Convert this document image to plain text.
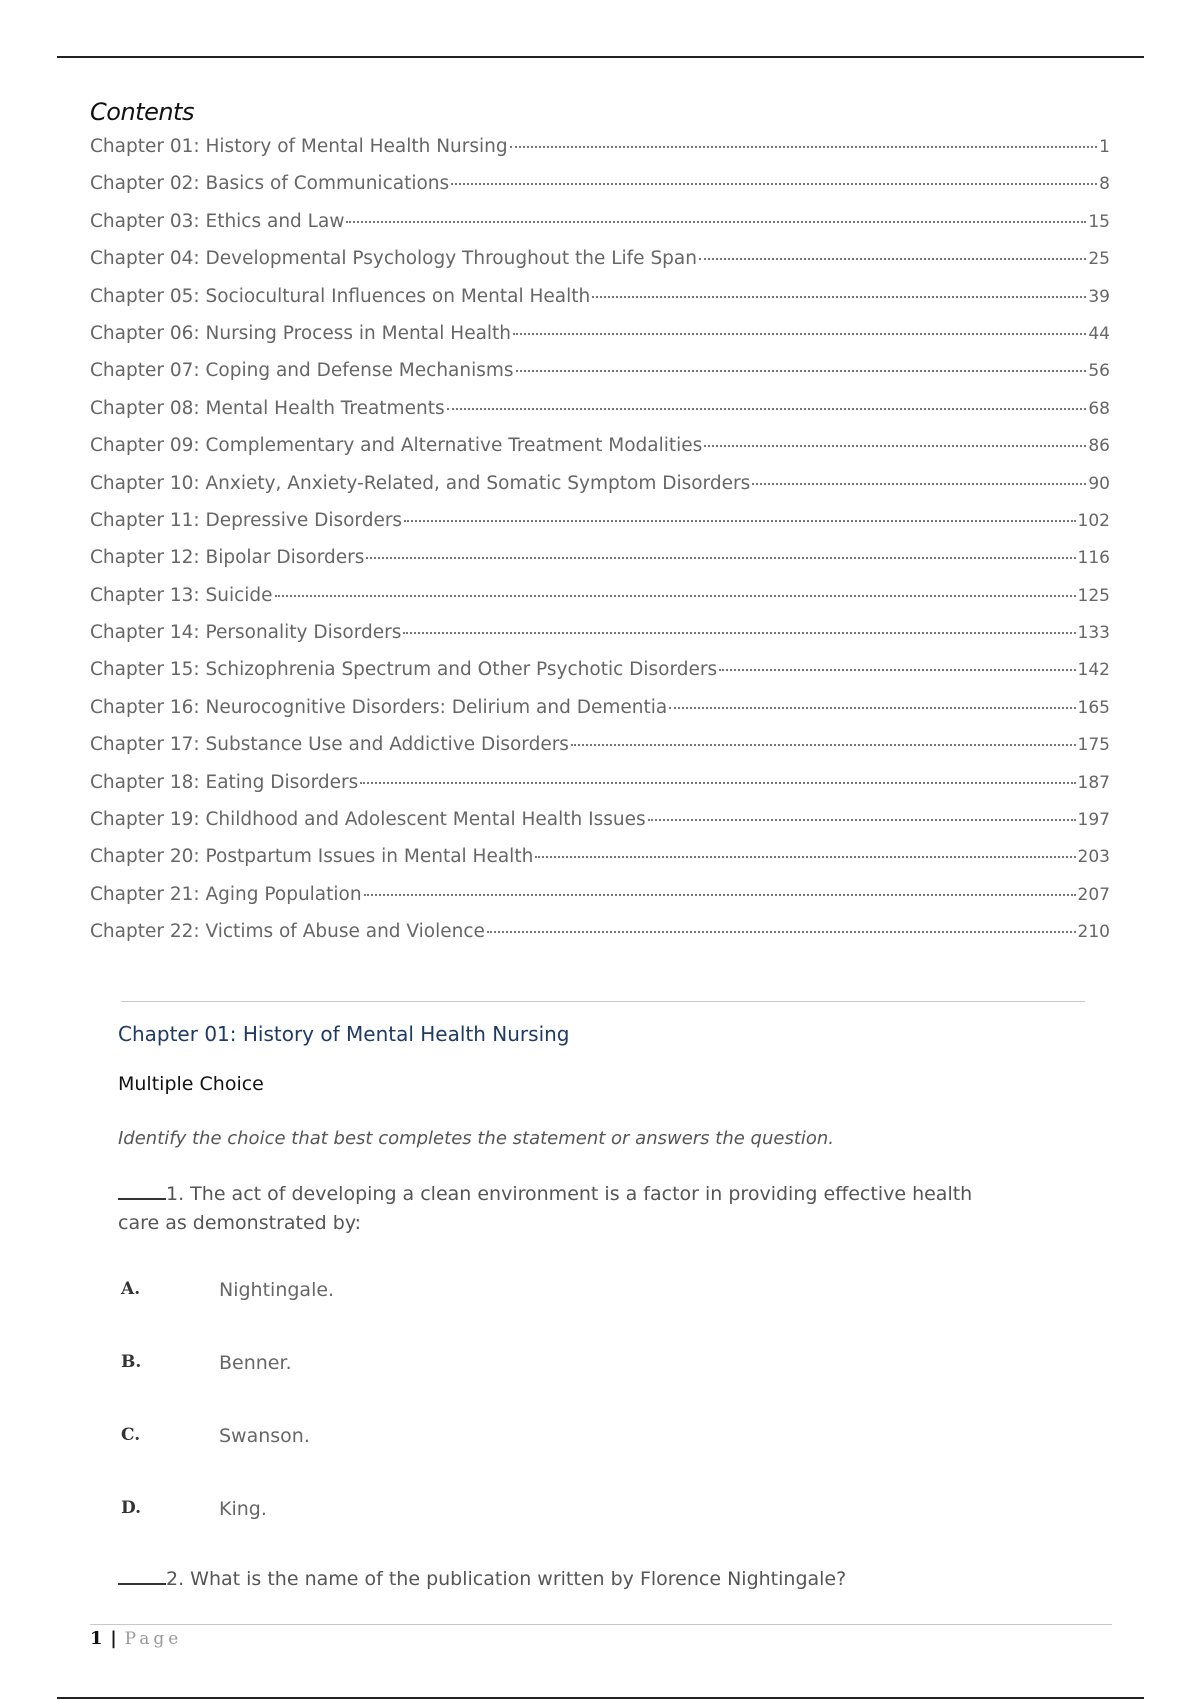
Contents
Chapter 01: History of Mental Health Nursing	1
Chapter 02: Basics of Communications	8
Chapter 03: Ethics and Law	15
Chapter 04: Developmental Psychology Throughout the Life Span	25
Chapter 05: Sociocultural Influences on Mental Health	39
Chapter 06: Nursing Process in Mental Health	44
Chapter 07: Coping and Defense Mechanisms	56
Chapter 08: Mental Health Treatments	68
Chapter 09: Complementary and Alternative Treatment Modalities	86
Chapter 10: Anxiety, Anxiety-Related, and Somatic Symptom Disorders	90
Chapter 11: Depressive Disorders	102
Chapter 12: Bipolar Disorders	116
Chapter 13: Suicide	125
Chapter 14: Personality Disorders	133
Chapter 15: Schizophrenia Spectrum and Other Psychotic Disorders	142
Chapter 16: Neurocognitive Disorders: Delirium and Dementia	165
Chapter 17: Substance Use and Addictive Disorders	175
Chapter 18: Eating Disorders	187
Chapter 19: Childhood and Adolescent Mental Health Issues	197
Chapter 20: Postpartum Issues in Mental Health	203
Chapter 21: Aging Population	207
Chapter 22: Victims of Abuse and Violence	210
Chapter 01: History of Mental Health Nursing
Multiple Choice
Identify the choice that best completes the statement or answers the question.
1. The act of developing a clean environment is a factor in providing effective health care as demonstrated by:
A.	Nightingale.
B.	Benner.
C.	Swanson.
D.	King.
2. What is the name of the publication written by Florence Nightingale?
1 | Page
